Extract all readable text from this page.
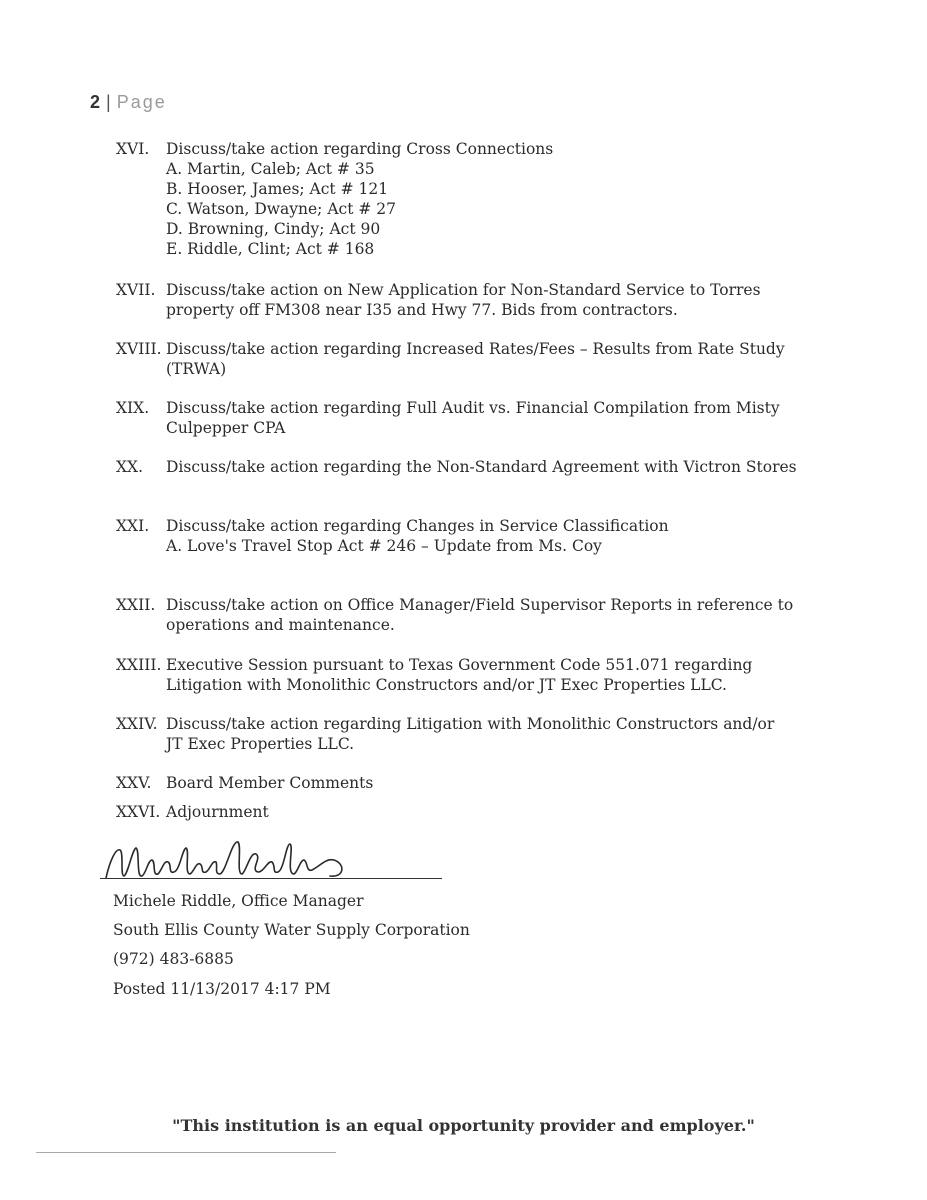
2 | Page
XVI.	Discuss/take action regarding Cross Connections
A. Martin, Caleb; Act # 35
B. Hooser, James; Act # 121
C. Watson, Dwayne; Act # 27
D. Browning, Cindy; Act 90
E. Riddle, Clint; Act # 168
XVII. Discuss/take action on New Application for Non-Standard Service to Torres property off FM308 near I35 and Hwy 77. Bids from contractors.
XVIII. Discuss/take action regarding Increased Rates/Fees – Results from Rate Study (TRWA)
XIX.	Discuss/take action regarding Full Audit vs. Financial Compilation from Misty Culpepper CPA
XX.	Discuss/take action regarding the Non-Standard Agreement with Victron Stores
XXI.	Discuss/take action regarding Changes in Service Classification
A. Love's Travel Stop Act # 246 – Update from Ms. Coy
XXII. Discuss/take action on Office Manager/Field Supervisor Reports in reference to operations and maintenance.
XXIII. Executive Session pursuant to Texas Government Code 551.071 regarding Litigation with Monolithic Constructors and/or JT Exec Properties LLC.
XXIV. Discuss/take action regarding Litigation with Monolithic Constructors and/or JT Exec Properties LLC.
XXV. Board Member Comments
XXVI. Adjournment
Michele Riddle, Office Manager
South Ellis County Water Supply Corporation
(972) 483-6885
Posted 11/13/2017 4:17 PM
"This institution is an equal opportunity provider and employer."
